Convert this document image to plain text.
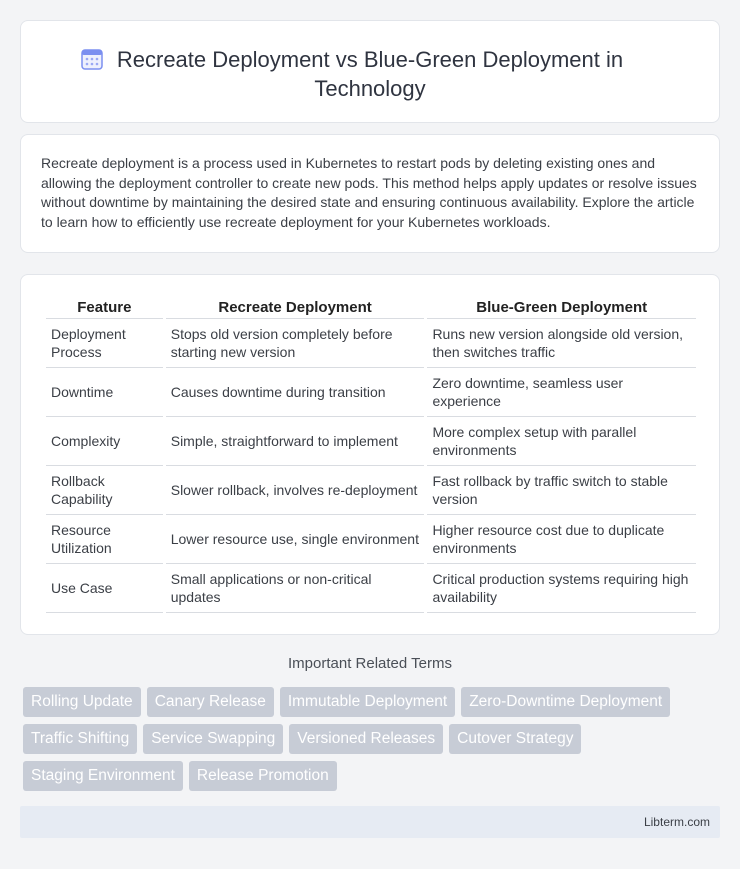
Recreate Deployment vs Blue-Green Deployment in Technology

Recreate deployment is a process used in Kubernetes to restart pods by deleting existing ones and allowing the deployment controller to create new pods. This method helps apply updates or resolve issues without downtime by maintaining the desired state and ensuring continuous availability. Explore the article to learn how to efficiently use recreate deployment for your Kubernetes workloads.

Feature	Recreate Deployment	Blue-Green Deployment
Deployment Process	Stops old version completely before starting new version	Runs new version alongside old version, then switches traffic
Downtime	Causes downtime during transition	Zero downtime, seamless user experience
Complexity	Simple, straightforward to implement	More complex setup with parallel environments
Rollback Capability	Slower rollback, involves re-deployment	Fast rollback by traffic switch to stable version
Resource Utilization	Lower resource use, single environment	Higher resource cost due to duplicate environments
Use Case	Small applications or non-critical updates	Critical production systems requiring high availability
Important Related Terms
Rolling Update	Canary Release	Immutable Deployment	Zero-Downtime Deployment
Traffic Shifting	Service Swapping	Versioned Releases	Cutover Strategy
Staging Environment	Release Promotion
Libterm.com
